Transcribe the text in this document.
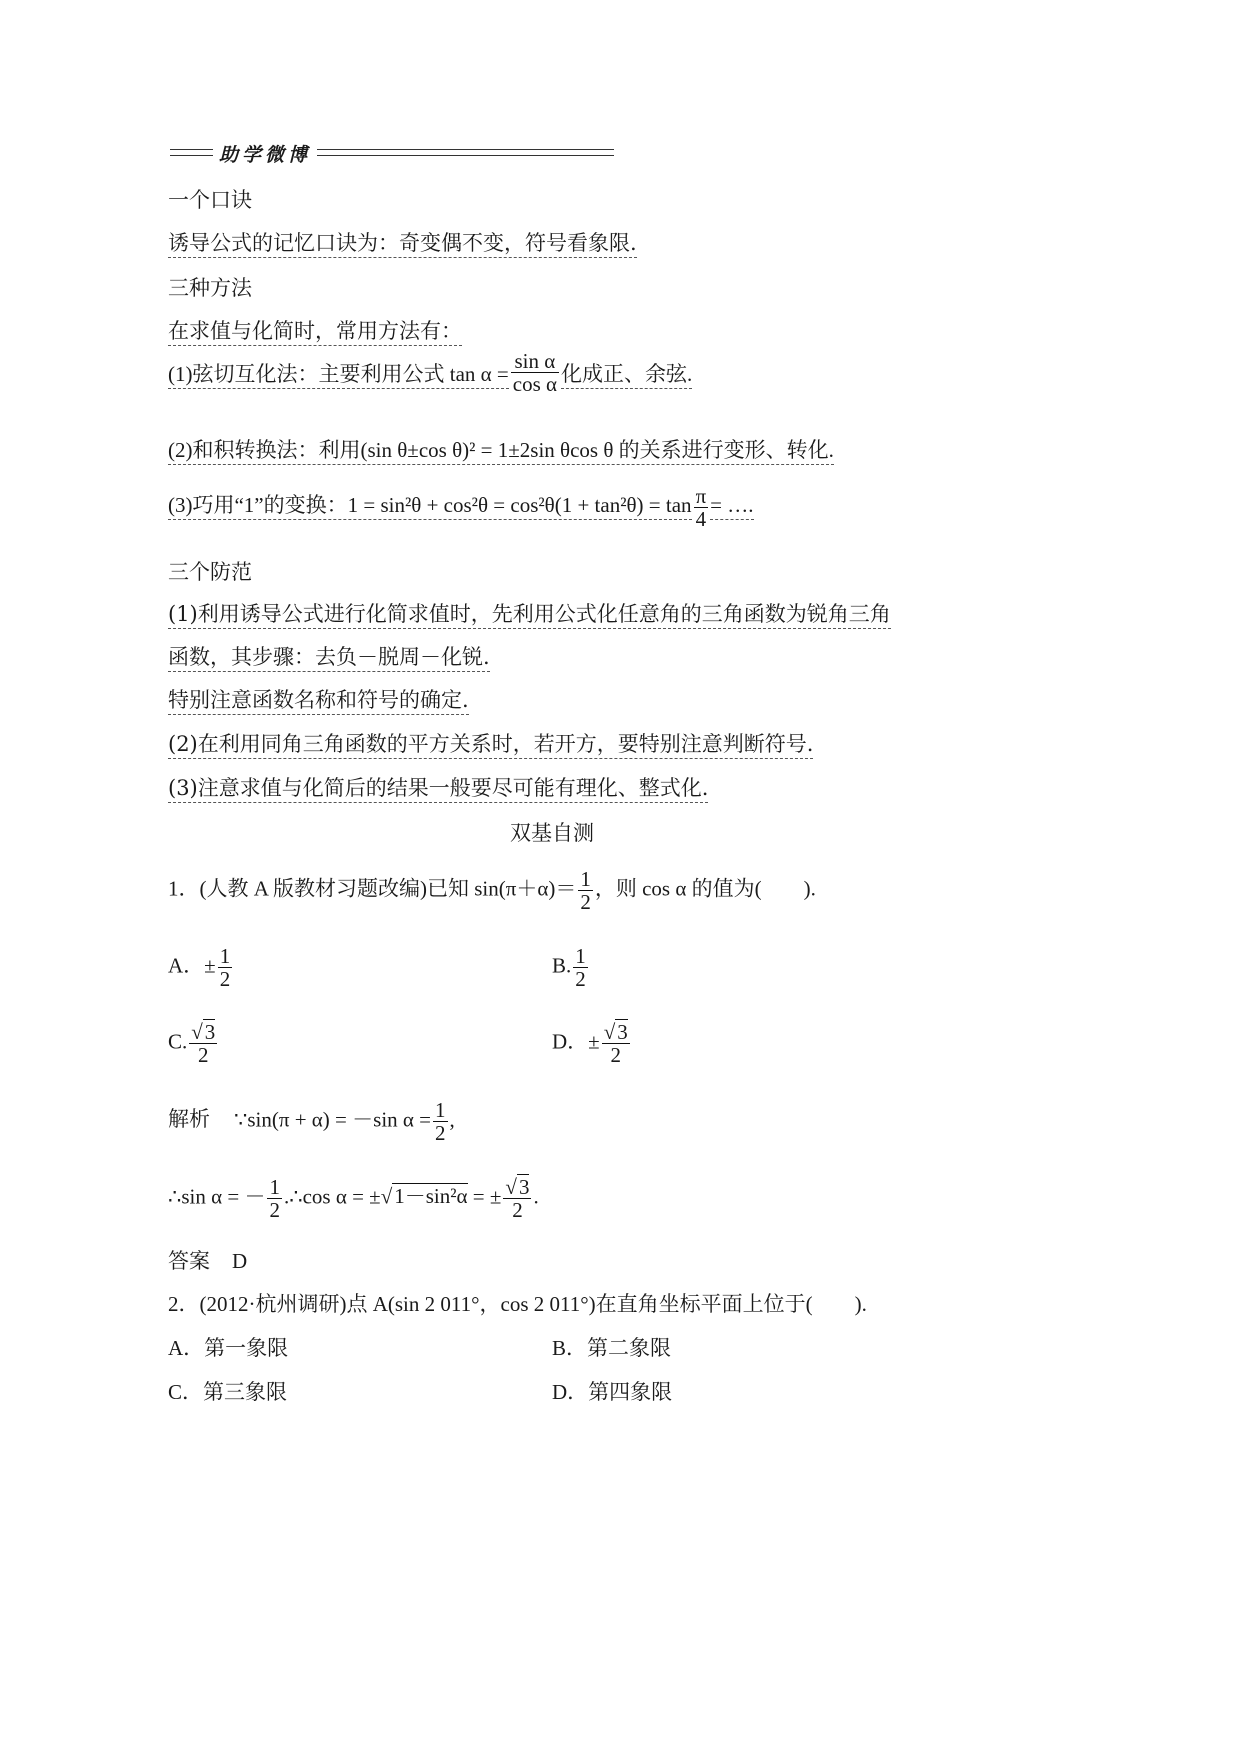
助学微博
一个口诀
诱导公式的记忆口诀为：奇变偶不变，符号看象限.
三种方法
在求值与化简时，常用方法有：
(1)弦切互化法：主要利用公式 $\tan \alpha = \frac{\text{sin α}}{\text{cos α}}$ 化成正、余弦.
(2)和积转换法：利用(sin θ±cos θ)² = 1±2sin θcos θ 的关系进行变形、转化.
(3)巧用“1”的变换：$1 = \sin^2\theta + \cos^2\theta = \cos^2\theta(1 + \tan^2\theta) = \tan \frac{\pi}{4}$ = ….
三个防范
(1)利用诱导公式进行化简求值时，先利用公式化任意角的三角函数为锐角三角
函数，其步骤：去负－脱周－化锐.
特别注意函数名称和符号的确定.
(2)在利用同角三角函数的平方关系时，若开方，要特别注意判断符号.
(3)注意求值与化简后的结果一般要尽可能有理化、整式化.
双基自测
1．(人教 A 版教材习题改编)已知 $\sin(\pi+\alpha)= \frac{1}{2}$ ，则 cos α 的值为(　　).
A．± $\frac{1}{2}$	B. $\frac{1}{2}$
C. $\frac{√3}{2}$	D．± $\frac{√3}{2}$
解析 ∵sin(π + α) = －sin $\alpha = \frac{1}{2}$ ,
∴sin α = － $\frac{1}{2}$ .∴cos α = ±√1－sin²α = ± $\frac{√3}{2}$ .
答案 D
2．(2012·杭州调研)点 A(sin 2 011°，cos 2 011°)在直角坐标平面上位于(　　).
A．第一象限	B．第二象限
C．第三象限	D．第四象限
